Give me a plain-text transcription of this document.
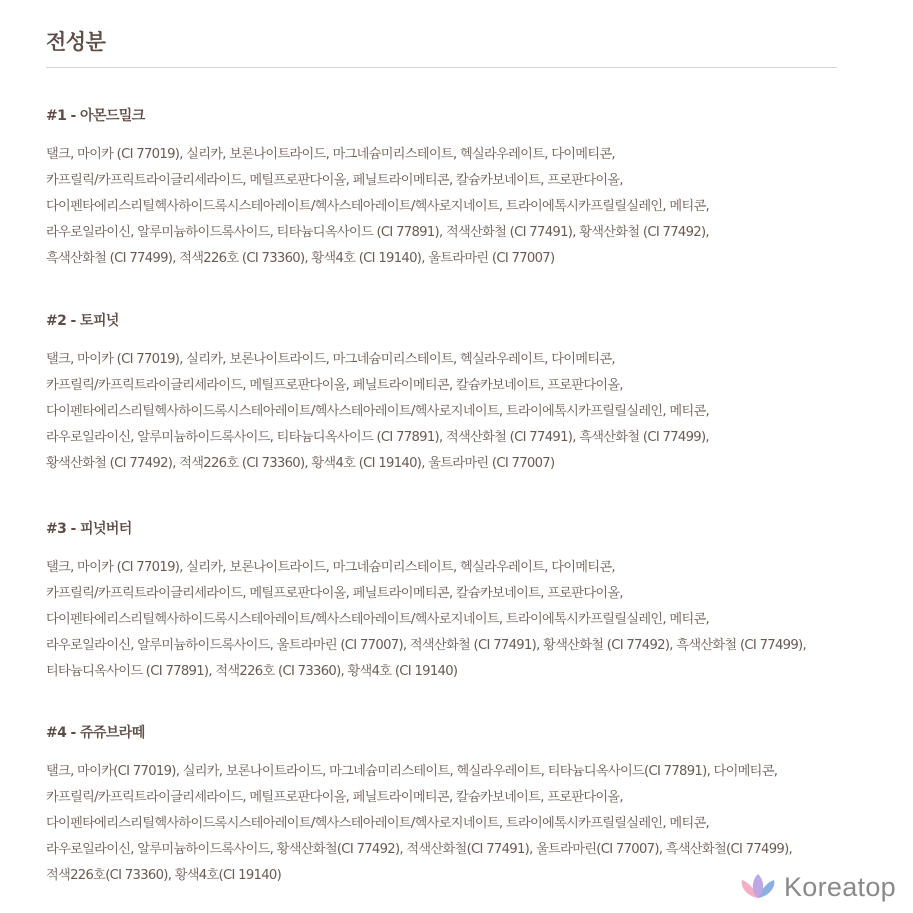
전성분
#1 - 아몬드밀크
탤크, 마이카 (CI 77019), 실리카, 보론나이트라이드, 마그네슘미리스테이트, 헥실라우레이트, 다이메티콘,
카프릴릭/카프릭트라이글리세라이드, 메틸프로판다이올, 페닐트라이메티콘, 칼슘카보네이트, 프로판다이올,
다이펜타에리스리틸헥사하이드록시스테아레이트/헥사스테아레이트/헥사로지네이트, 트라이에톡시카프릴릴실레인, 메티콘,
라우로일라이신, 알루미늄하이드록사이드, 티타늄디옥사이드 (CI 77891), 적색산화철 (CI 77491), 황색산화철 (CI 77492),
흑색산화철 (CI 77499), 적색226호 (CI 73360), 황색4호 (CI 19140), 울트라마린 (CI 77007)
#2 - 토피넛
탤크, 마이카 (CI 77019), 실리카, 보론나이트라이드, 마그네슘미리스테이트, 헥실라우레이트, 다이메티콘,
카프릴릭/카프릭트라이글리세라이드, 메틸프로판다이올, 페닐트라이메티콘, 칼슘카보네이트, 프로판다이올,
다이펜타에리스리틸헥사하이드록시스테아레이트/헥사스테아레이트/헥사로지네이트, 트라이에톡시카프릴릴실레인, 메티콘,
라우로일라이신, 알루미늄하이드록사이드, 티타늄디옥사이드 (CI 77891), 적색산화철 (CI 77491), 흑색산화철 (CI 77499),
황색산화철 (CI 77492), 적색226호 (CI 73360), 황색4호 (CI 19140), 울트라마린 (CI 77007)
#3 - 피넛버터
탤크, 마이카 (CI 77019), 실리카, 보론나이트라이드, 마그네슘미리스테이트, 헥실라우레이트, 다이메티콘,
카프릴릭/카프릭트라이글리세라이드, 메틸프로판다이올, 페닐트라이메티콘, 칼슘카보네이트, 프로판다이올,
다이펜타에리스리틸헥사하이드록시스테아레이트/헥사스테아레이트/헥사로지네이트, 트라이에톡시카프릴릴실레인, 메티콘,
라우로일라이신, 알루미늄하이드록사이드, 울트라마린 (CI 77007), 적색산화철 (CI 77491), 황색산화철 (CI 77492), 흑색산화철 (CI 77499),
티타늄디옥사이드 (CI 77891), 적색226호 (CI 73360), 황색4호 (CI 19140)
#4 - 쥬쥬브라떼
탤크, 마이카(CI 77019), 실리카, 보론나이트라이드, 마그네슘미리스테이트, 헥실라우레이트, 티타늄디옥사이드(CI 77891), 다이메티콘,
카프릴릭/카프릭트라이글리세라이드, 메틸프로판다이올, 페닐트라이메티콘, 칼슘카보네이트, 프로판다이올,
다이펜타에리스리틸헥사하이드록시스테아레이트/헥사스테아레이트/헥사로지네이트, 트라이에톡시카프릴릴실레인, 메티콘,
라우로일라이신, 알루미늄하이드록사이드, 황색산화철(CI 77492), 적색산화철(CI 77491), 울트라마린(CI 77007), 흑색산화철(CI 77499),
적색226호(CI 73360), 황색4호(CI 19140)	Koreatop
